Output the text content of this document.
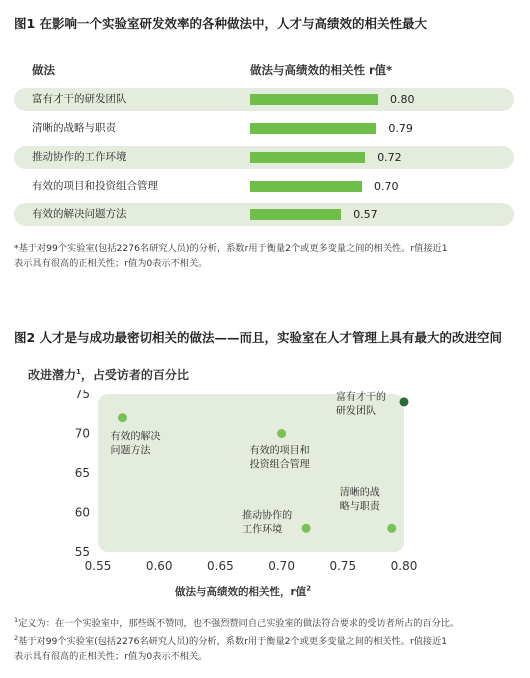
图1 在影响一个实验室研发效率的各种做法中，人才与高绩效的相关性最大
做法	做法与高绩效的相关性 r值*
富有才干的研发团队	0.80
清晰的战略与职责	0.79
推动协作的工作环境	0.72
有效的项目和投资组合管理	0.70
有效的解决问题方法	0.57
*基于对99个实验室(包括2276名研究人员)的分析，系数r用于衡量2个或更多变量之间的相关性。r值接近1
表示具有很高的正相关性；r值为0表示不相关。
图2 人才是与成功最密切相关的做法——而且，实验室在人才管理上具有最大的改进空间
改进潜力$^1$，占受访者的百分比
0.55	0.60	0.65	0.70	0.75	0.80
75
70
65
60
55
有效的解决
问题方法	有效的项目和
投资组合管理
推动协作的
工作环境
清晰的战
略与职责
富有才干的
研发团队
做法与高绩效的相关性，r值$^2$
$^1$定义为：在一个实验室中，那些既不赞同，也不强烈赞同自己实验室的做法符合要求的受访者所占的百分比。
$^2$基于对99个实验室(包括2276名研究人员)的分析，系数r用于衡量2个或更多变量之间的相关性。r值接近1
表示具有很高的正相关性；r值为0表示不相关。
